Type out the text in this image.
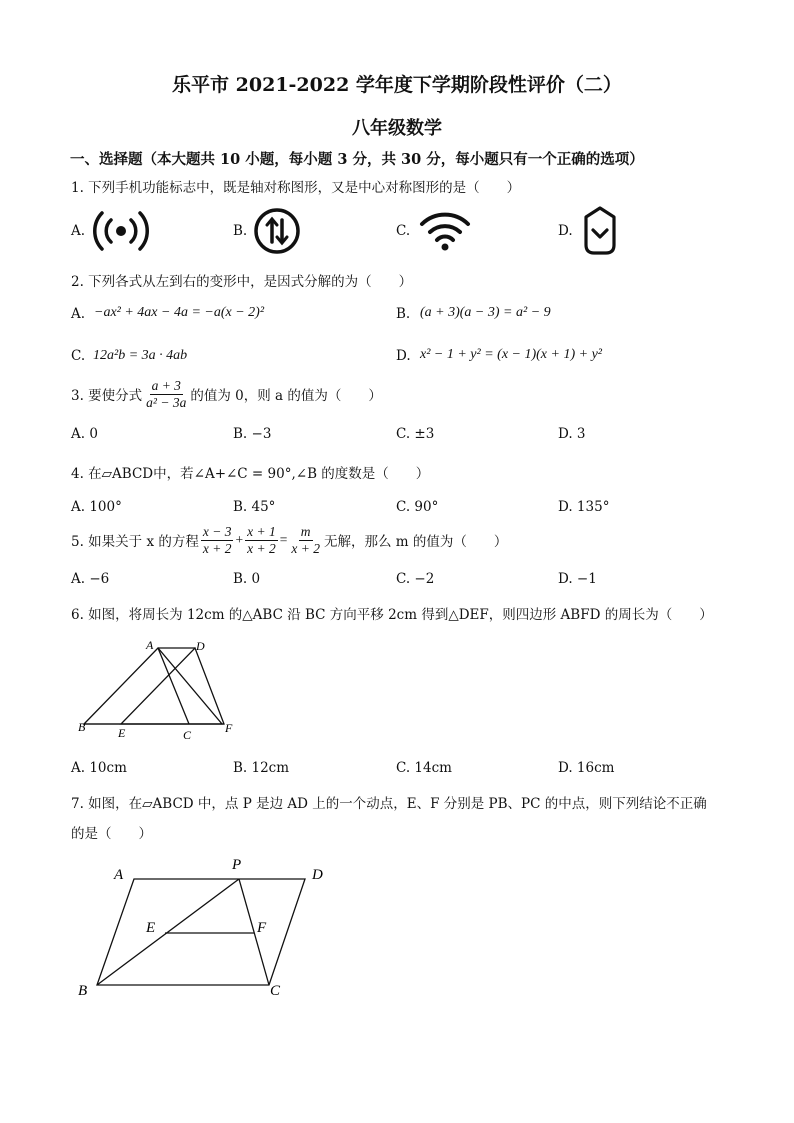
乐平市 2021-2022 学年度下学期阶段性评价（二）
八年级数学
一、选择题（本大题共 10 小题，每小题 3 分，共 30 分，每小题只有一个正确的选项）
1. 下列手机功能标志中，既是轴对称图形，又是中心对称图形的是（　　）
A.	B.	C.	D.
2. 下列各式从左到右的变形中，是因式分解的为（　　）
A. −ax² + 4ax − 4a = −a(x − 2)²	B. (a + 3)(a − 3) = a² − 9
C. 12a²b = 3a · 4ab	D. x² − 1 + y² = (x − 1)(x + 1) + y²
3. 要使分式 $\frac{a + 3}{\text{a² − 3a}}$ 的值为 0，则 a 的值为（　　）
A. 0	B. −3	C. ±3	D. 3
4. 在▱ABCD中，若∠A+∠C = 90°,∠B 的度数是（　　）
A. 100°	B. 45°	C. 90°	D. 135°
5. 如果关于 x 的方程 $\frac{x - 3}{x + 2} + \frac{x + 1}{x + 2} = \frac{m}{x + 2}$ 无解，那么 m 的值为（　　）
A. −6	B. 0	C. −2	D. −1
6. 如图，将周长为 12cm 的△ABC 沿 BC 方向平移 2cm 得到△DEF，则四边形 ABFD 的周长为（　　）
A	D
B	E	C	F
A. 10cm	B. 12cm	C. 14cm	D. 16cm
7. 如图，在▱ABCD 中，点 P 是边 AD 上的一个动点，E、F 分别是 PB、PC 的中点，则下列结论不正确
的是（　　）
A
P
D
E	F
B	C
